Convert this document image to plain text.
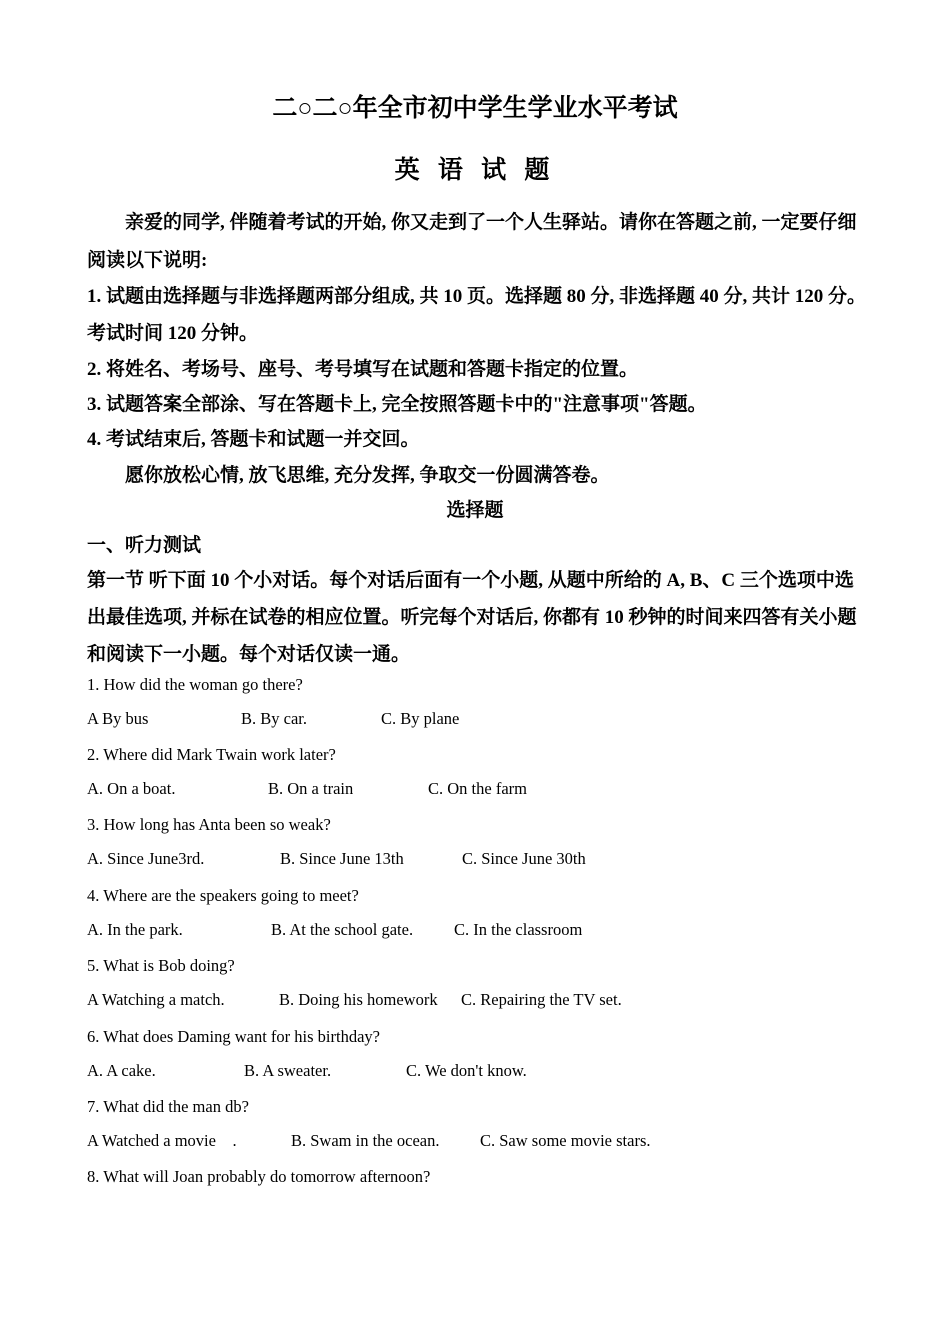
二○二○年全市初中学生学业水平考试
英 语 试 题
亲爱的同学, 伴随着考试的开始, 你又走到了一个人生驿站。请你在答题之前, 一定要仔细
阅读以下说明:
1. 试题由选择题与非选择题两部分组成, 共 10 页。选择题 80 分, 非选择题 40 分, 共计 120 分。
考试时间 120 分钟。
2. 将姓名、考场号、座号、考号填写在试题和答题卡指定的位置。
3. 试题答案全部涂、写在答题卡上, 完全按照答题卡中的"注意事项"答题。
4. 考试结束后, 答题卡和试题一并交回。
愿你放松心情, 放飞思维, 充分发挥, 争取交一份圆满答卷。
选择题
一、听力测试
第一节 听下面 10 个小对话。每个对话后面有一个小题, 从题中所给的 A, B、C 三个选项中选
出最佳选项, 并标在试卷的相应位置。听完每个对话后, 你都有 10 秒钟的时间来四答有关小题
和阅读下一小题。每个对话仅读一通。
1. How did the woman go there?
A By bus	B. By car.	C. By plane
2. Where did Mark Twain work later?
A. On a boat.	B. On a train	C. On the farm
3. How long has Anta been so weak?
A. Since June3rd.	B. Since June 13th	C. Since June 30th
4. Where are the speakers going to meet?
A. In the park.	B. At the school gate. C. In the classroom
5. What is Bob doing?
A Watching a match.	B. Doing his homework C. Repairing the TV set.
6. What does Daming want for his birthday?
A. A cake.	B. A sweater.	C. We don't know.
7. What did the man db?
A Watched a movie    .	B. Swam in the ocean. C. Saw some movie stars.
8. What will Joan probably do tomorrow afternoon?
